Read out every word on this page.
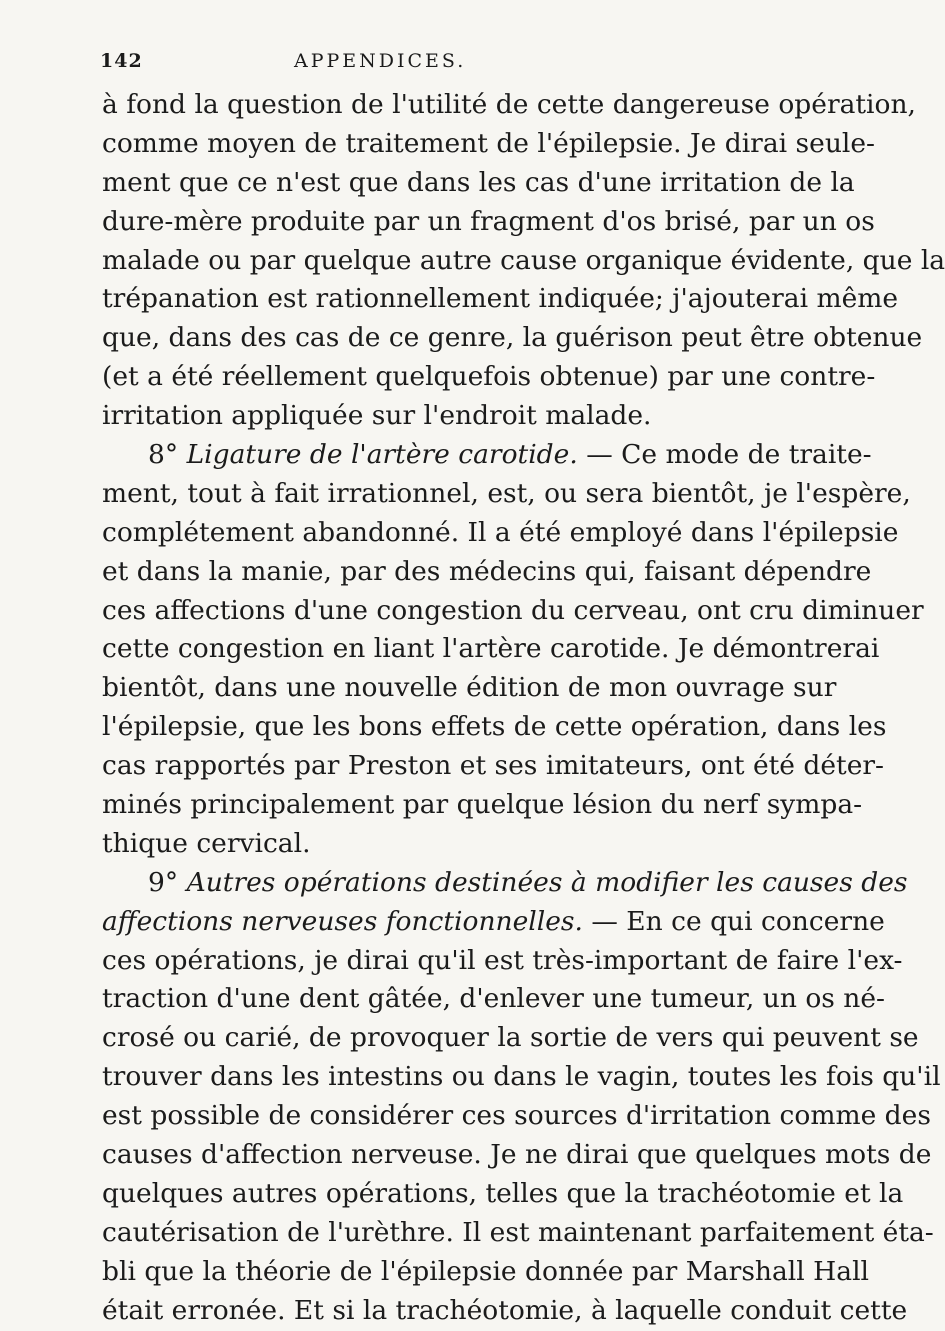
142	APPENDICES.
à fond la question de l'utilité de cette dangereuse opération,
comme moyen de traitement de l'épilepsie. Je dirai seule-
ment que ce n'est que dans les cas d'une irritation de la
dure-mère produite par un fragment d'os brisé, par un os
malade ou par quelque autre cause organique évidente, que la
trépanation est rationnellement indiquée; j'ajouterai même
que, dans des cas de ce genre, la guérison peut être obtenue
(et a été réellement quelquefois obtenue) par une contre-
irritation appliquée sur l'endroit malade.
8° Ligature de l'artère carotide. — Ce mode de traite-
ment, tout à fait irrationnel, est, ou sera bientôt, je l'espère,
complétement abandonné. Il a été employé dans l'épilepsie
et dans la manie, par des médecins qui, faisant dépendre
ces affections d'une congestion du cerveau, ont cru diminuer
cette congestion en liant l'artère carotide. Je démontrerai
bientôt, dans une nouvelle édition de mon ouvrage sur
l'épilepsie, que les bons effets de cette opération, dans les
cas rapportés par Preston et ses imitateurs, ont été déter-
minés principalement par quelque lésion du nerf sympa-
thique cervical.
9° Autres opérations destinées à modifier les causes des
affections nerveuses fonctionnelles. — En ce qui concerne
ces opérations, je dirai qu'il est très-important de faire l'ex-
traction d'une dent gâtée, d'enlever une tumeur, un os né-
crosé ou carié, de provoquer la sortie de vers qui peuvent se
trouver dans les intestins ou dans le vagin, toutes les fois qu'il
est possible de considérer ces sources d'irritation comme des
causes d'affection nerveuse. Je ne dirai que quelques mots de
quelques autres opérations, telles que la trachéotomie et la
cautérisation de l'urèthre. Il est maintenant parfaitement éta-
bli que la théorie de l'épilepsie donnée par Marshall Hall
était erronée. Et si la trachéotomie, à laquelle conduit cette
